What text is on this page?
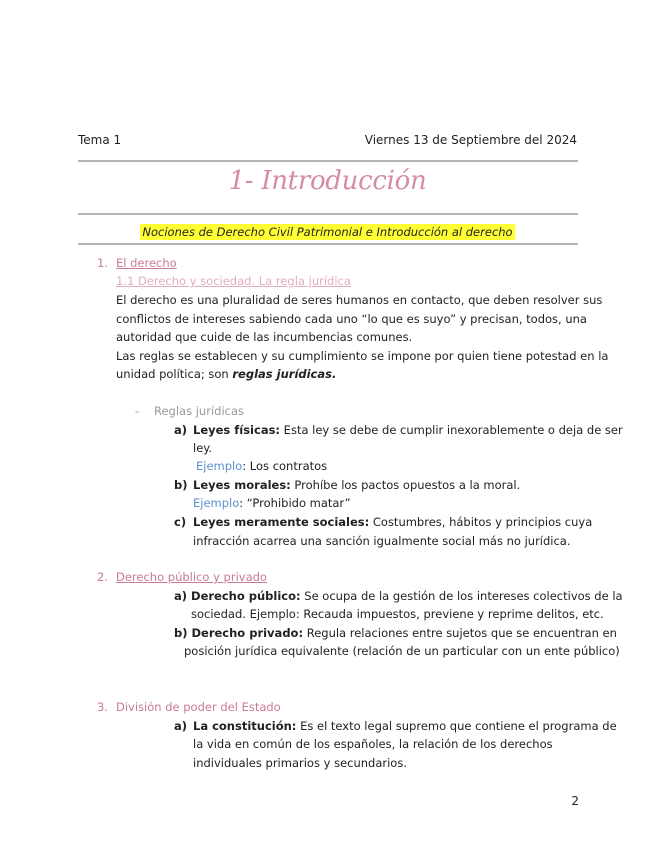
Tema 1	Viernes 13 de Septiembre del 2024
1- Introducción
Nociones de Derecho Civil Patrimonial e Introducción al derecho
1. El derecho
1.1 Derecho y sociedad. La regla jurídica
El derecho es una pluralidad de seres humanos en contacto, que deben resolver sus
conflictos de intereses sabiendo cada uno “lo que es suyo” y precisan, todos, una
autoridad que cuide de las incumbencias comunes.
Las reglas se establecen y su cumplimiento se impone por quien tiene potestad en la
unidad política; son reglas jurídicas.
- Reglas jurídicas
a) Leyes físicas: Esta ley se debe de cumplir inexorablemente o deja de ser
ley.
Ejemplo: Los contratos
b) Leyes morales: Prohíbe los pactos opuestos a la moral.
Ejemplo: “Prohibido matar”
c) Leyes meramente sociales: Costumbres, hábitos y principios cuya
infracción acarrea una sanción igualmente social más no jurídica.
2. Derecho público y privado
a) Derecho público: Se ocupa de la gestión de los intereses colectivos de la
sociedad. Ejemplo: Recauda impuestos, previene y reprime delitos, etc.
b) Derecho privado: Regula relaciones entre sujetos que se encuentran en
posición jurídica equivalente (relación de un particular con un ente público)
3. División de poder del Estado
a) La constitución: Es el texto legal supremo que contiene el programa de
la vida en común de los españoles, la relación de los derechos
individuales primarios y secundarios.
2
